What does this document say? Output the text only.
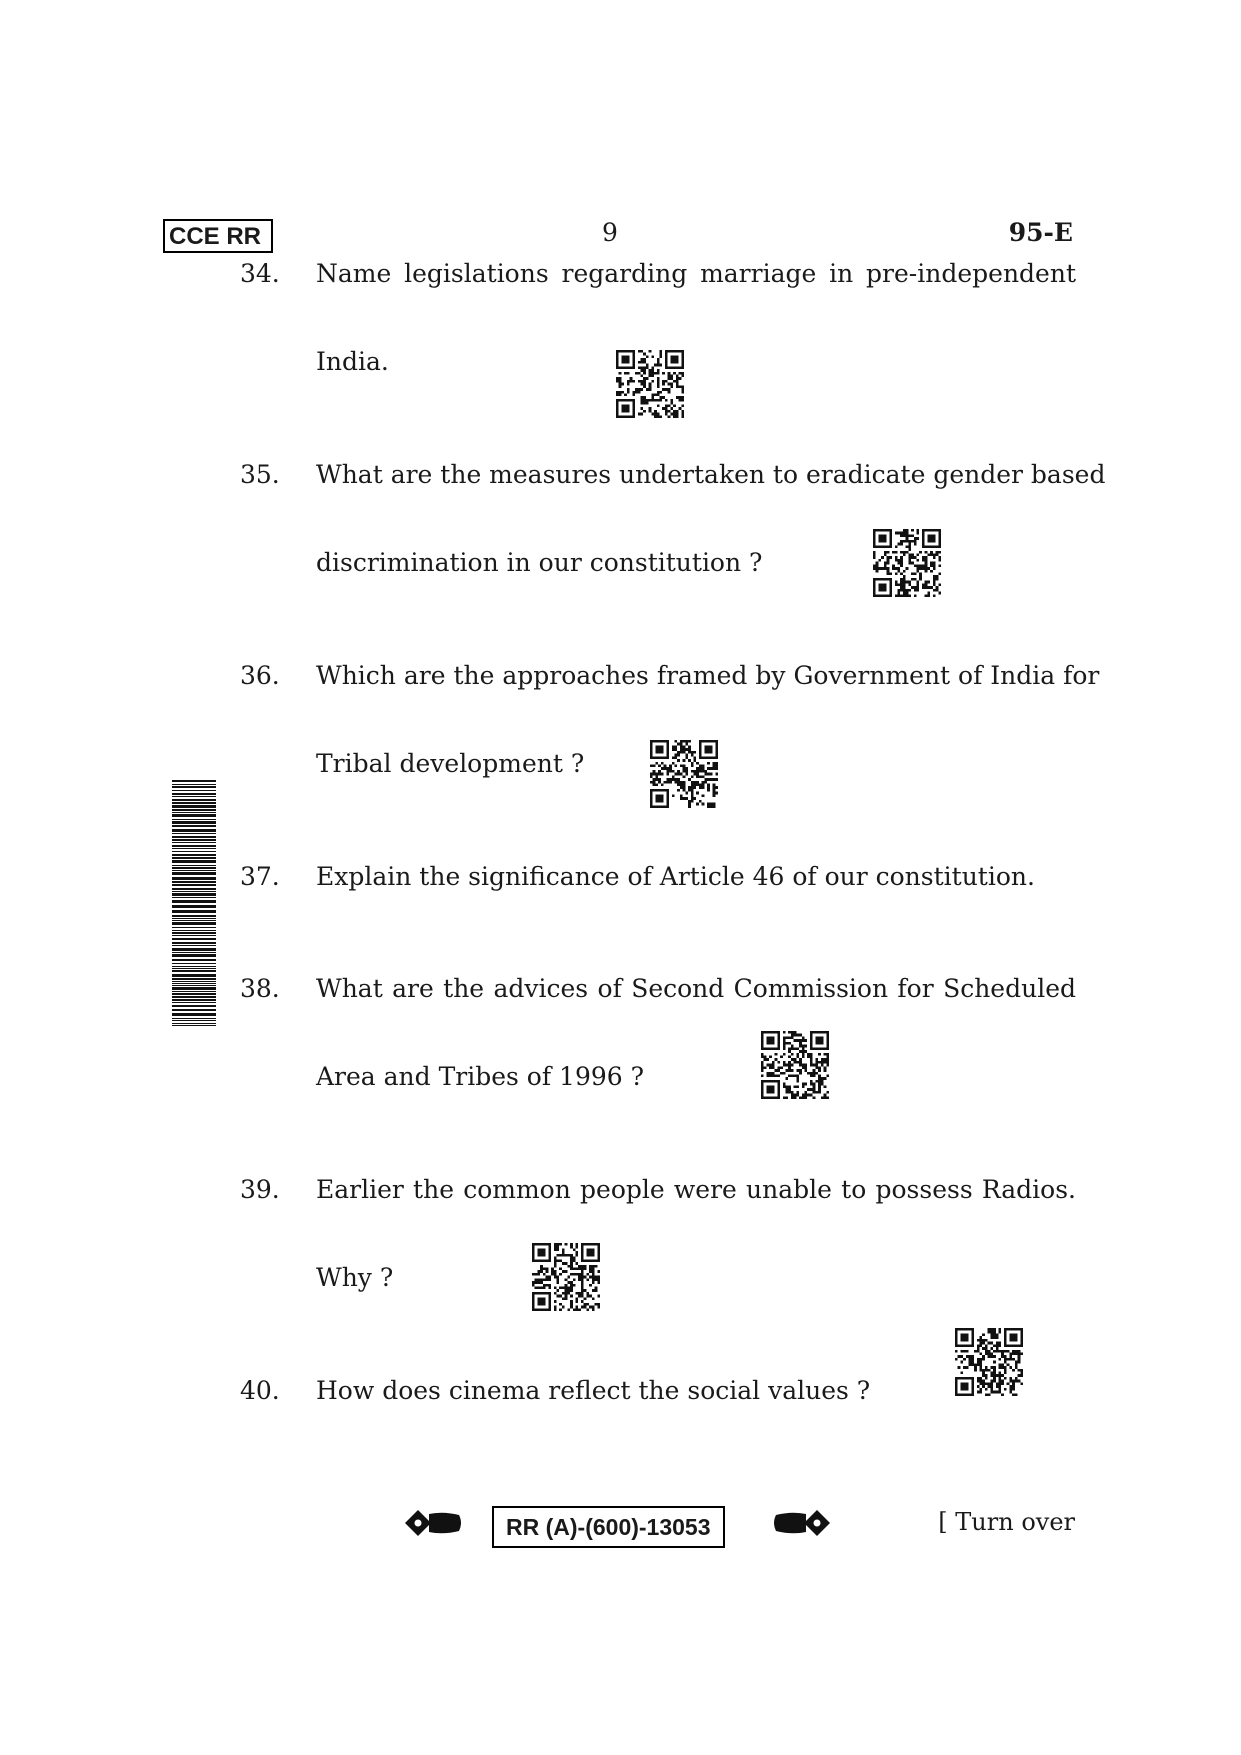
CCE RR	9	95-E
34. Name legislations regarding marriage in pre-independent
India.
35. What are the measures undertaken to eradicate gender based
discrimination in our constitution ?
36. Which are the approaches framed by Government of India for
Tribal development ?
37. Explain the significance of Article 46 of our constitution.
38. What are the advices of Second Commission for Scheduled
Area and Tribes of 1996 ?
39. Earlier the common people were unable to possess Radios.
Why ?
40. How does cinema reflect the social values ?
RR (A)-(600)-13053	[ Turn over
